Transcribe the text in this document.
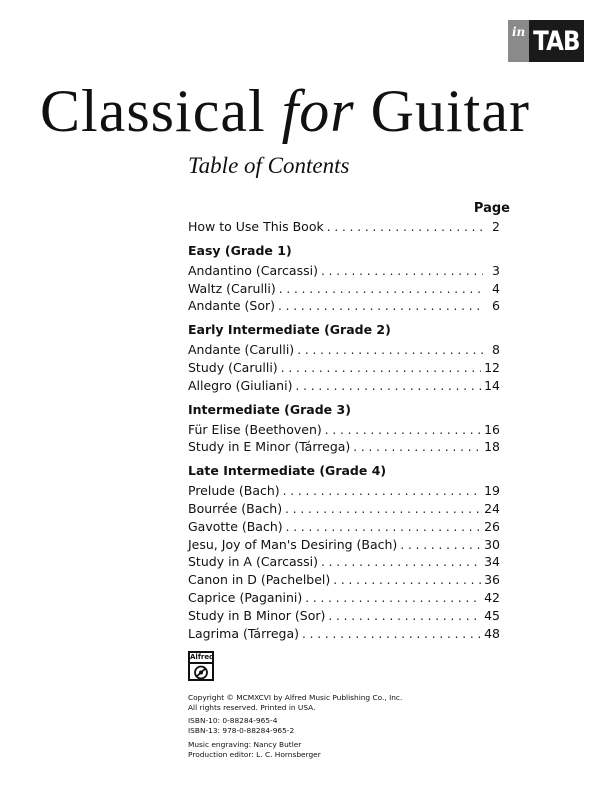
in TAB
Classical for Guitar
Table of Contents
Page
How to Use This Book . . .	2
Easy (Grade 1)
Andantino (Carcassi) . . .	3
Waltz (Carulli) . . .	4
Andante (Sor) . . .	6
Early Intermediate (Grade 2)
Andante (Carulli) . . .	8
Study (Carulli) . . .	12
Allegro (Giuliani) . . .	14
Intermediate (Grade 3)
Für Elise (Beethoven) . . .	16
Study in E Minor (Tárrega) . . .	18
Late Intermediate (Grade 4)
Prelude (Bach) . . .	19
Bourrée (Bach) . . .	24
Gavotte (Bach) . . .	26
Jesu, Joy of Man's Desiring (Bach) . . .	30
Study in A (Carcassi) . . .	34
Canon in D (Pachelbel) . . .	36
Caprice (Paganini) . . .	42
Study in B Minor (Sor) . . .	45
Lagrima (Tárrega) . . .	48
Alfred
Copyright © MCMXCVI by Alfred Music Publishing Co., Inc.
All rights reserved. Printed in USA.
ISBN-10: 0-88284-965-4
ISBN-13: 978-0-88284-965-2
Music engraving: Nancy Butler
Production editor: L. C. Hornsberger
